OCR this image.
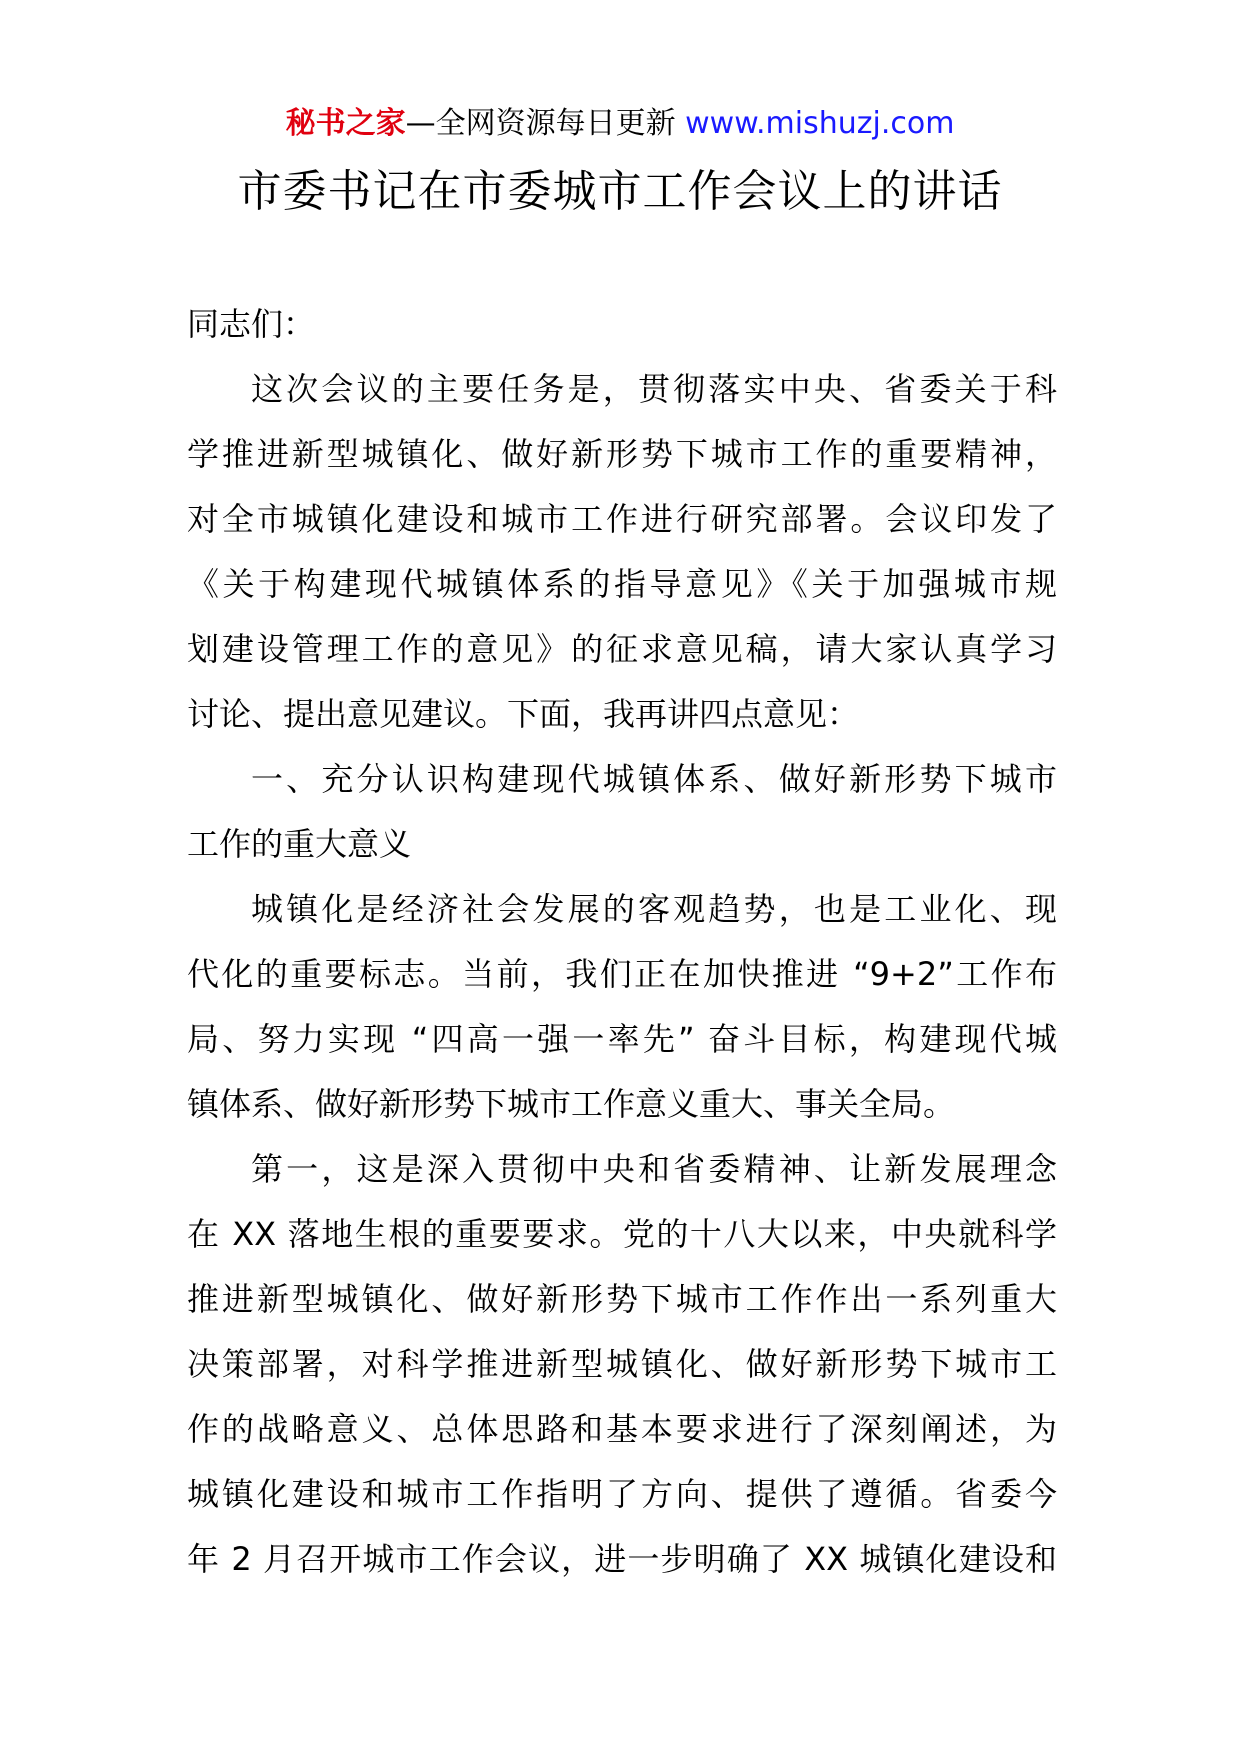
秘书之家—全网资源每日更新 www.mishuzj.com
市委书记在市委城市工作会议上的讲话
同志们：
这次会议的主要任务是，贯彻落实中央、省委关于科
学推进新型城镇化、做好新形势下城市工作的重要精神，
对全市城镇化建设和城市工作进行研究部署。会议印发了
《关于构建现代城镇体系的指导意见》《关于加强城市规
划建设管理工作的意见》的征求意见稿，请大家认真学习
讨论、提出意见建议。下面，我再讲四点意见：
一、充分认识构建现代城镇体系、做好新形势下城市
工作的重大意义
城镇化是经济社会发展的客观趋势，也是工业化、现
代化的重要标志。当前，我们正在加快推进 “9+2”工作布
局、努力实现 “四高一强一率先” 奋斗目标，构建现代城
镇体系、做好新形势下城市工作意义重大、事关全局。
第一，这是深入贯彻中央和省委精神、让新发展理念
在 XX 落地生根的重要要求。党的十八大以来，中央就科学
推进新型城镇化、做好新形势下城市工作作出一系列重大
决策部署，对科学推进新型城镇化、做好新形势下城市工
作的战略意义、总体思路和基本要求进行了深刻阐述，为
城镇化建设和城市工作指明了方向、提供了遵循。省委今
年 2 月召开城市工作会议，进一步明确了 XX 城镇化建设和
